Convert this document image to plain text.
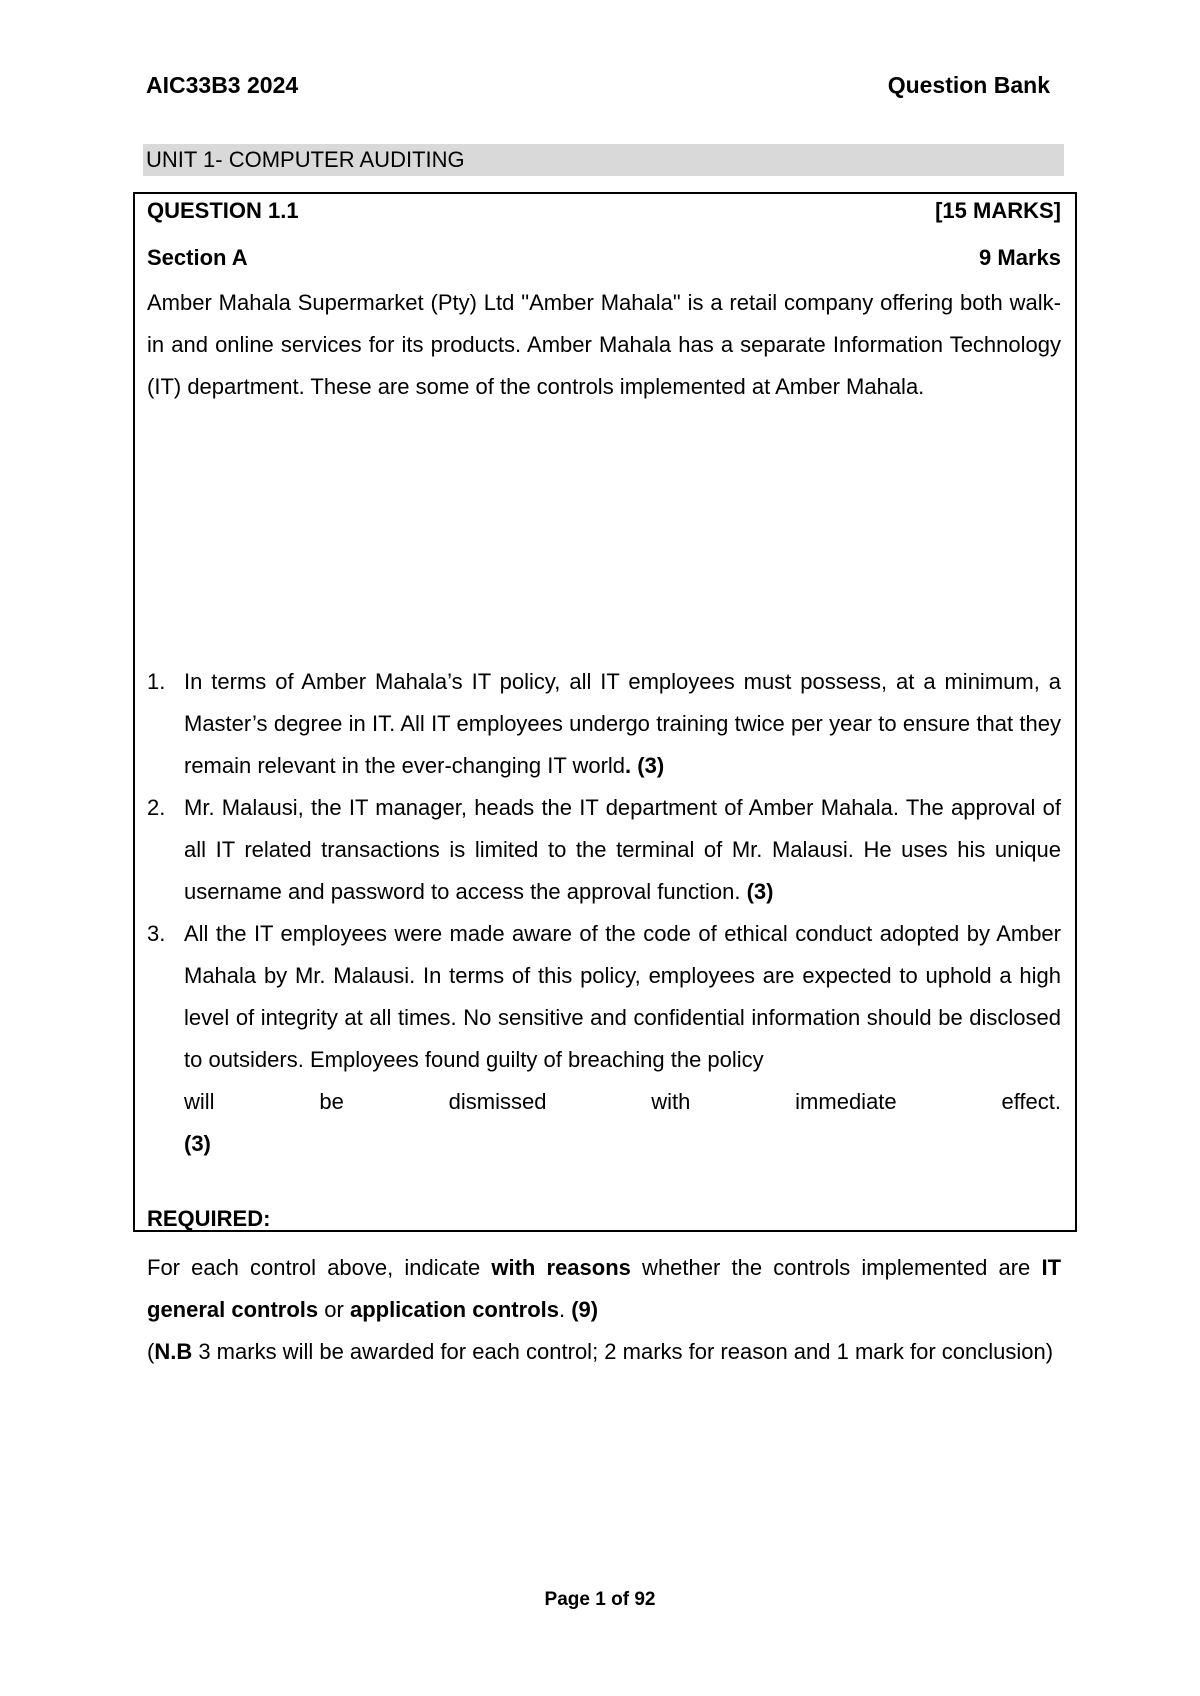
AIC33B3 2024	Question Bank
UNIT 1- COMPUTER AUDITING
QUESTION 1.1	[15 MARKS]
Section A	9 Marks
Amber Mahala Supermarket (Pty) Ltd "Amber Mahala" is a retail company offering both walk-in and online services for its products. Amber Mahala has a separate Information Technology (IT) department. These are some of the controls implemented at Amber Mahala.
1. In terms of Amber Mahala’s IT policy, all IT employees must possess, at a minimum, a Master’s degree in IT. All IT employees undergo training twice per year to ensure that they remain relevant in the ever-changing IT world. (3)
2. Mr. Malausi, the IT manager, heads the IT department of Amber Mahala. The approval of all IT related transactions is limited to the terminal of Mr. Malausi. He uses his unique username and password to access the approval function. (3)
3. All the IT employees were made aware of the code of ethical conduct adopted by Amber Mahala by Mr. Malausi. In terms of this policy, employees are expected to uphold a high level of integrity at all times. No sensitive and confidential information should be disclosed to outsiders. Employees found guilty of breaching the policy
will	be	dismissed	with	immediate	effect.
(3)
REQUIRED:
For each control above, indicate with reasons whether the controls implemented are IT general controls or application controls. (9)
(N.B 3 marks will be awarded for each control; 2 marks for reason and 1 mark for conclusion)
Page 1 of 92
